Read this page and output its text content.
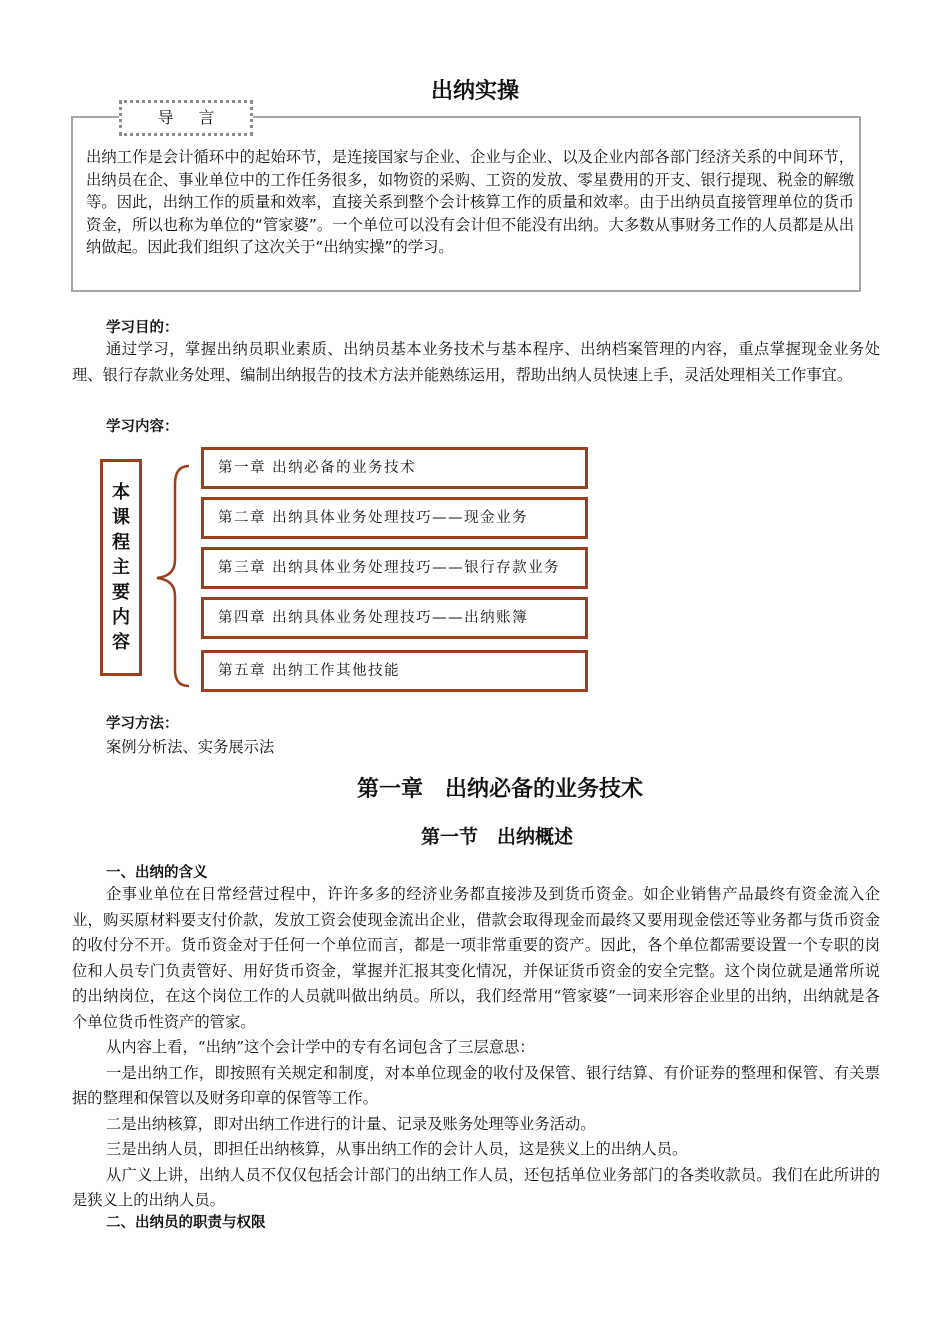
出纳实操
导 言
出纳工作是会计循环中的起始环节，是连接国家与企业、企业与企业、以及企业内部各部门经济关系的中间环节，出纳员在企、事业单位中的工作任务很多，如物资的采购、工资的发放、零星费用的开支、银行提现、税金的解缴等。因此，出纳工作的质量和效率，直接关系到整个会计核算工作的质量和效率。由于出纳员直接管理单位的货币资金，所以也称为单位的“管家婆”。一个单位可以没有会计但不能没有出纳。大多数从事财务工作的人员都是从出纳做起。因此我们组织了这次关于“出纳实操”的学习。
学习目的：

通过学习，掌握出纳员职业素质、出纳员基本业务技术与基本程序、出纳档案管理的内容，重点掌握现金业务处理、银行存款业务处理、编制出纳报告的技术方法并能熟练运用，帮助出纳人员快速上手，灵活处理相关工作事宜。

学习内容：
本
课
程
主
要
内
容
第一章 出纳必备的业务技术
第二章 出纳具体业务处理技巧——现金业务
第三章 出纳具体业务处理技巧——银行存款业务
第四章 出纳具体业务处理技巧——出纳账簿
第五章 出纳工作其他技能
学习方法：
案例分析法、实务展示法
第一章　出纳必备的业务技术
第一节　出纳概述
一、出纳的含义

企事业单位在日常经营过程中，许许多多的经济业务都直接涉及到货币资金。如企业销售产品最终有资金流入企业，购买原材料要支付价款，发放工资会使现金流出企业，借款会取得现金而最终又要用现金偿还等业务都与货币资金的收付分不开。货币资金对于任何一个单位而言，都是一项非常重要的资产。因此，各个单位都需要设置一个专职的岗位和人员专门负责管好、用好货币资金，掌握并汇报其变化情况，并保证货币资金的安全完整。这个岗位就是通常所说的出纳岗位，在这个岗位工作的人员就叫做出纳员。所以，我们经常用“管家婆”一词来形容企业里的出纳，出纳就是各个单位货币性资产的管家。

从内容上看，“出纳”这个会计学中的专有名词包含了三层意思：

一是出纳工作，即按照有关规定和制度，对本单位现金的收付及保管、银行结算、有价证券的整理和保管、有关票据的整理和保管以及财务印章的保管等工作。

二是出纳核算，即对出纳工作进行的计量、记录及账务处理等业务活动。

三是出纳人员，即担任出纳核算，从事出纳工作的会计人员，这是狭义上的出纳人员。

从广义上讲，出纳人员不仅仅包括会计部门的出纳工作人员，还包括单位业务部门的各类收款员。我们在此所讲的是狭义上的出纳人员。

二、出纳员的职责与权限
